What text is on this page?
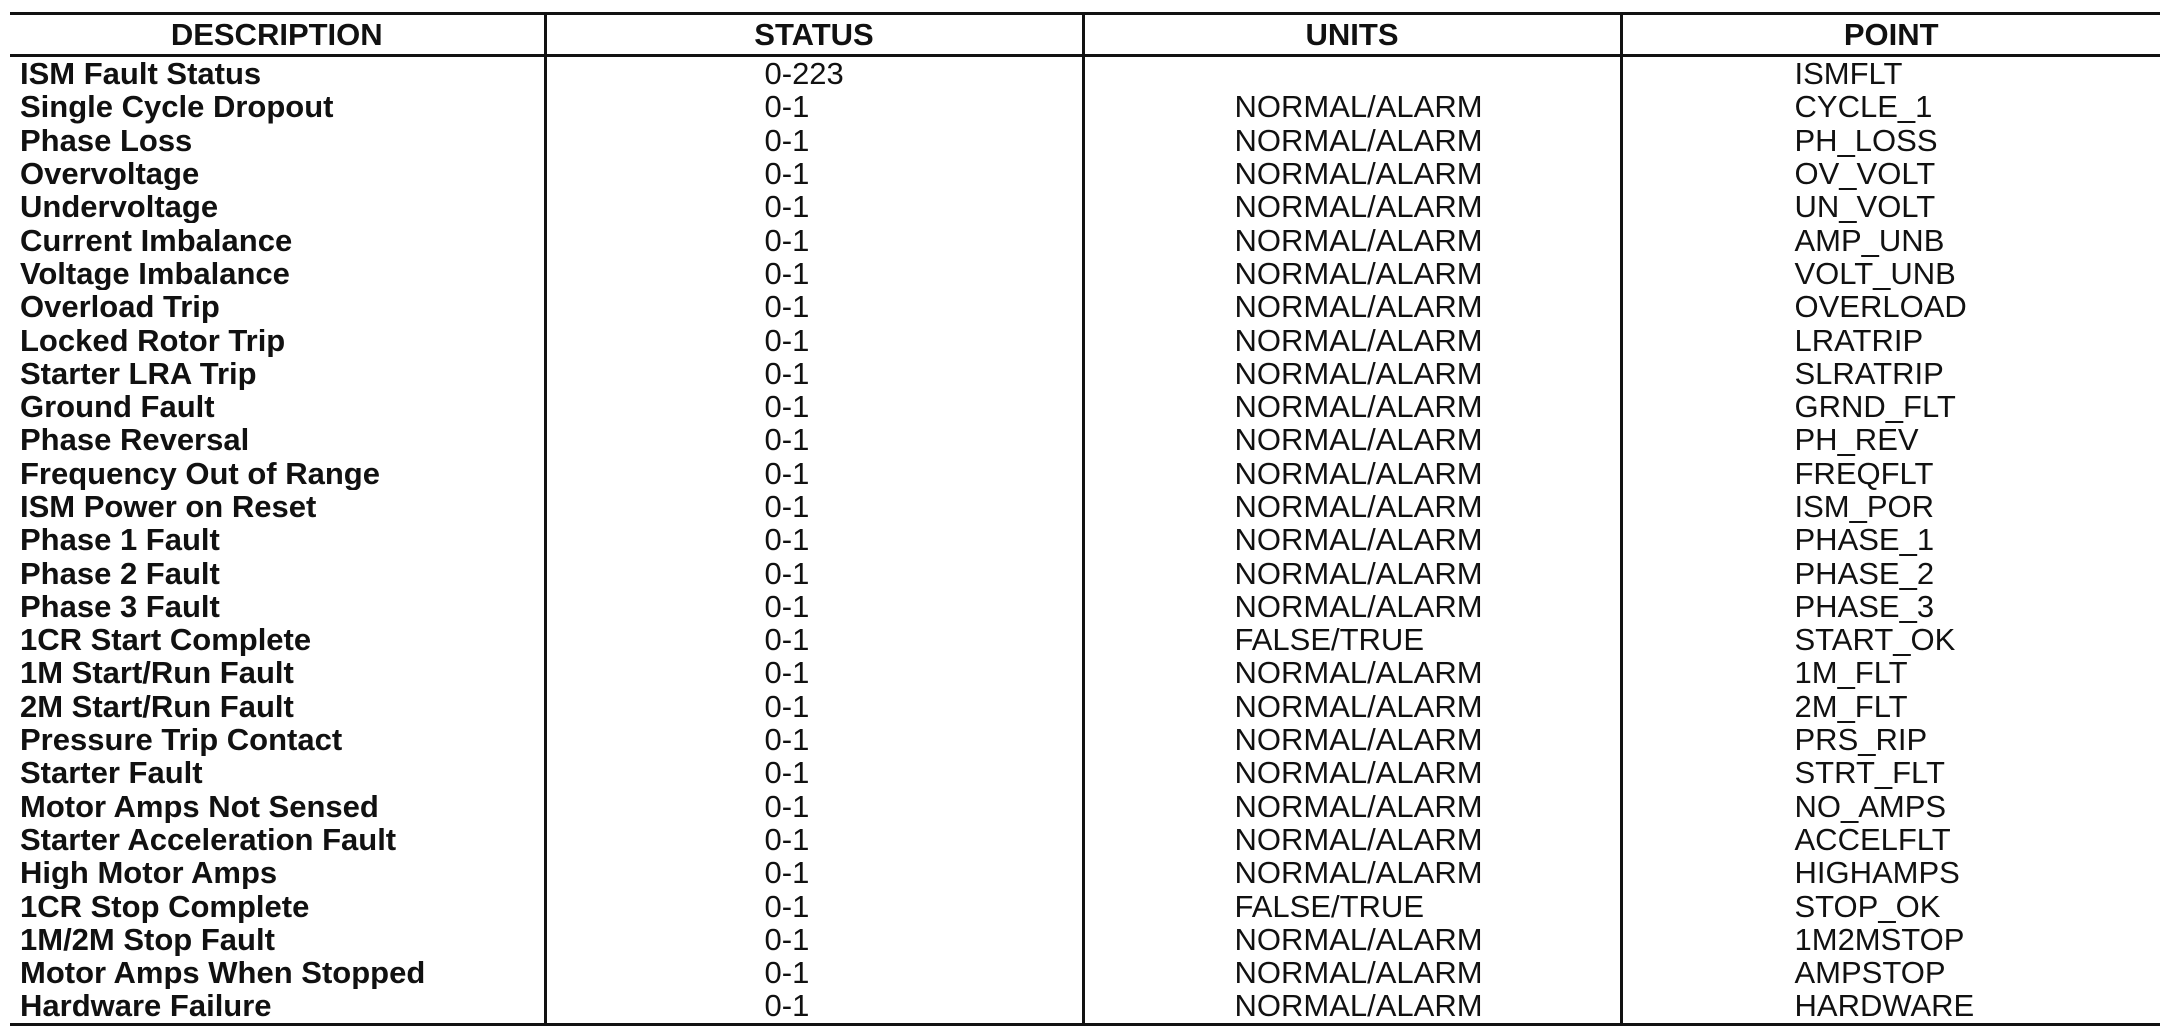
DESCRIPTION	STATUS	UNITS	POINT
ISM Fault Status	0-223		ISMFLT
Single Cycle Dropout	0-1	NORMAL/ALARM	CYCLE_1
Phase Loss	0-1	NORMAL/ALARM	PH_LOSS
Overvoltage	0-1	NORMAL/ALARM	OV_VOLT
Undervoltage	0-1	NORMAL/ALARM	UN_VOLT
Current Imbalance	0-1	NORMAL/ALARM	AMP_UNB
Voltage Imbalance	0-1	NORMAL/ALARM	VOLT_UNB
Overload Trip	0-1	NORMAL/ALARM	OVERLOAD
Locked Rotor Trip	0-1	NORMAL/ALARM	LRATRIP
Starter LRA Trip	0-1	NORMAL/ALARM	SLRATRIP
Ground Fault	0-1	NORMAL/ALARM	GRND_FLT
Phase Reversal	0-1	NORMAL/ALARM	PH_REV
Frequency Out of Range	0-1	NORMAL/ALARM	FREQFLT
ISM Power on Reset	0-1	NORMAL/ALARM	ISM_POR
Phase 1 Fault	0-1	NORMAL/ALARM	PHASE_1
Phase 2 Fault	0-1	NORMAL/ALARM	PHASE_2
Phase 3 Fault	0-1	NORMAL/ALARM	PHASE_3
1CR Start Complete	0-1	FALSE/TRUE	START_OK
1M Start/Run Fault	0-1	NORMAL/ALARM	1M_FLT
2M Start/Run Fault	0-1	NORMAL/ALARM	2M_FLT
Pressure Trip Contact	0-1	NORMAL/ALARM	PRS_RIP
Starter Fault	0-1	NORMAL/ALARM	STRT_FLT
Motor Amps Not Sensed	0-1	NORMAL/ALARM	NO_AMPS
Starter Acceleration Fault	0-1	NORMAL/ALARM	ACCELFLT
High Motor Amps	0-1	NORMAL/ALARM	HIGHAMPS
1CR Stop Complete	0-1	FALSE/TRUE	STOP_OK
1M/2M Stop Fault	0-1	NORMAL/ALARM	1M2MSTOP
Motor Amps When Stopped	0-1	NORMAL/ALARM	AMPSTOP
Hardware Failure	0-1	NORMAL/ALARM	HARDWARE
